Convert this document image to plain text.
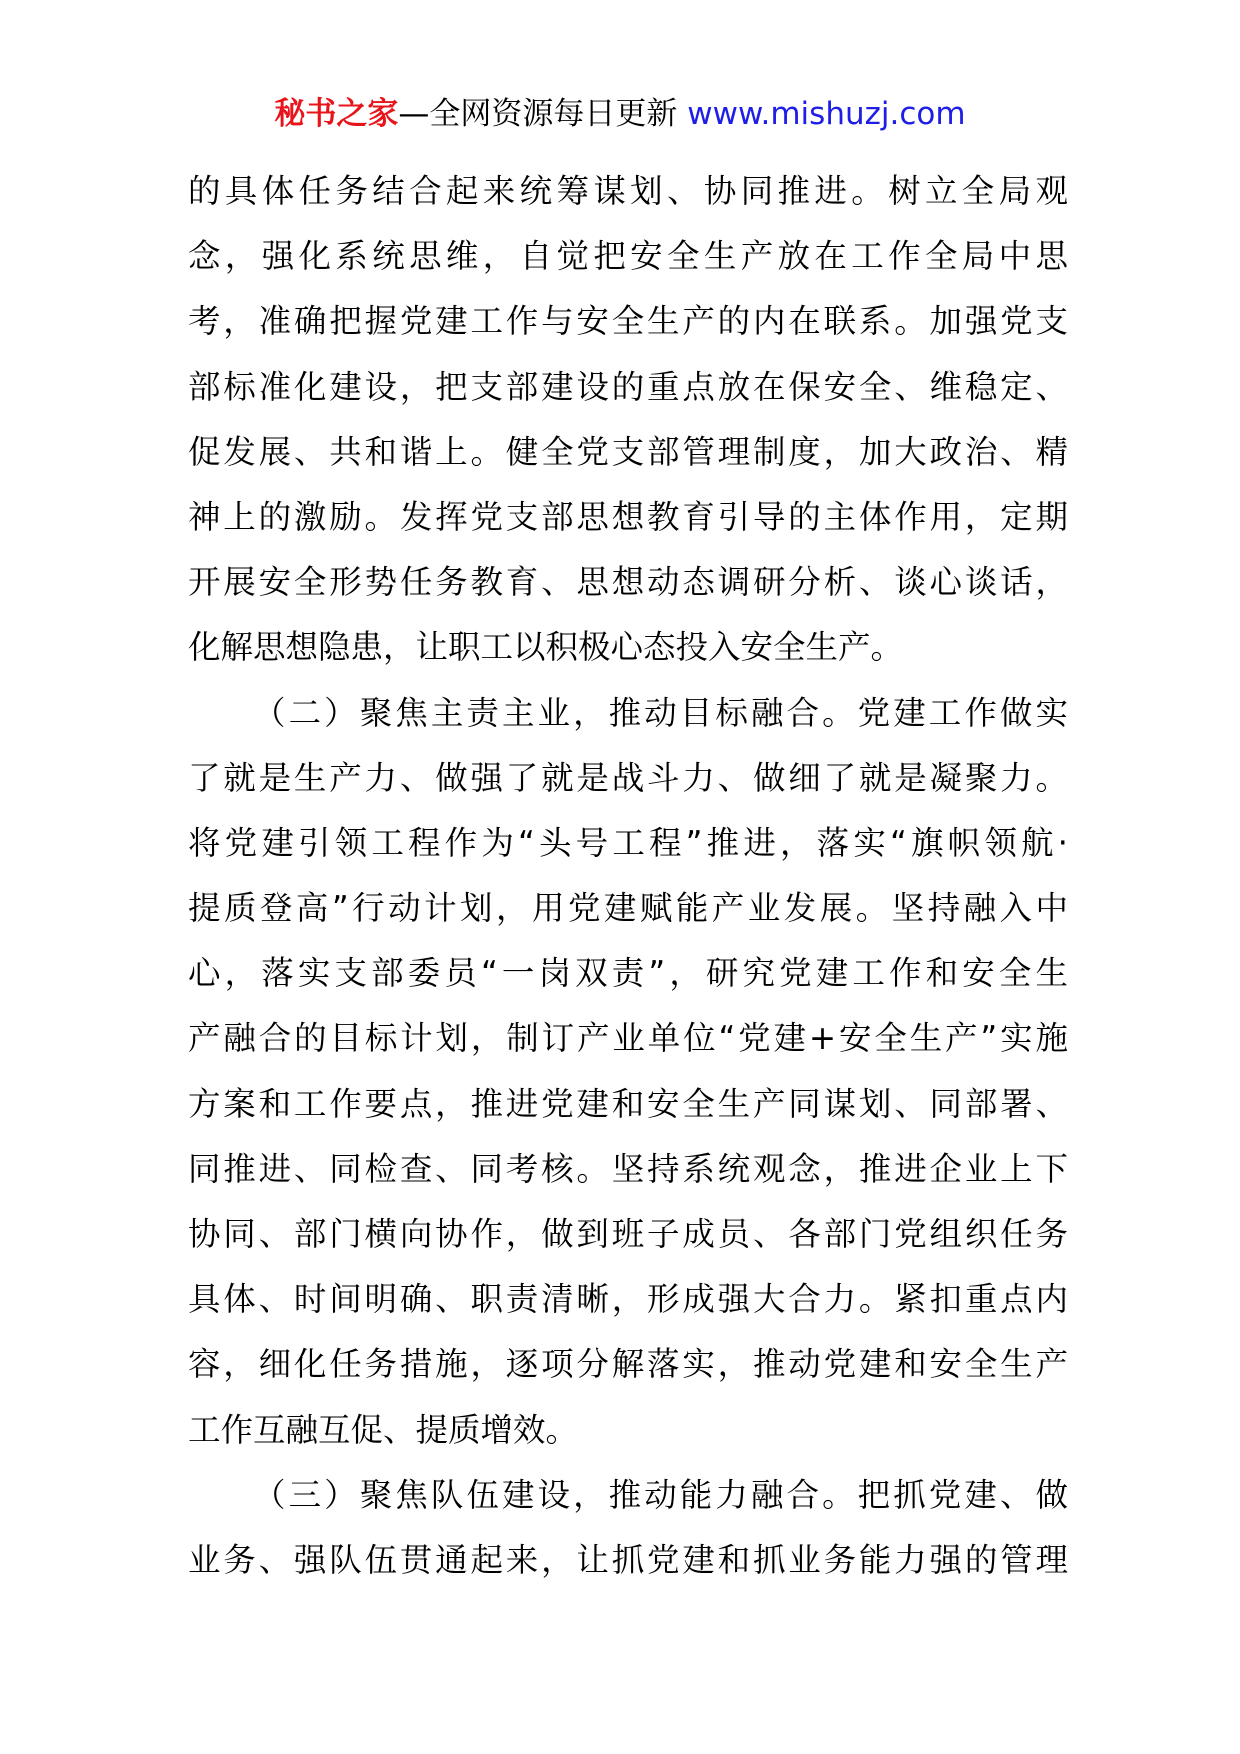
秘书之家—全网资源每日更新 www.mishuzj.com
的具体任务结合起来统筹谋划、协同推进。树立全局观
念，强化系统思维，自觉把安全生产放在工作全局中思
考，准确把握党建工作与安全生产的内在联系。加强党支
部标准化建设，把支部建设的重点放在保安全、维稳定、
促发展、共和谐上。健全党支部管理制度，加大政治、精
神上的激励。发挥党支部思想教育引导的主体作用，定期
开展安全形势任务教育、思想动态调研分析、谈心谈话，
化解思想隐患，让职工以积极心态投入安全生产。
（二）聚焦主责主业，推动目标融合。党建工作做实
了就是生产力、做强了就是战斗力、做细了就是凝聚力。
将党建引领工程作为“头号工程”推进，落实“旗帜领航·
提质登高”行动计划，用党建赋能产业发展。坚持融入中
心，落实支部委员“一岗双责”，研究党建工作和安全生
产融合的目标计划，制订产业单位“党建+安全生产”实施
方案和工作要点，推进党建和安全生产同谋划、同部署、
同推进、同检查、同考核。坚持系统观念，推进企业上下
协同、部门横向协作，做到班子成员、各部门党组织任务
具体、时间明确、职责清晰，形成强大合力。紧扣重点内
容，细化任务措施，逐项分解落实，推动党建和安全生产
工作互融互促、提质增效。
（三）聚焦队伍建设，推动能力融合。把抓党建、做
业务、强队伍贯通起来，让抓党建和抓业务能力强的管理
